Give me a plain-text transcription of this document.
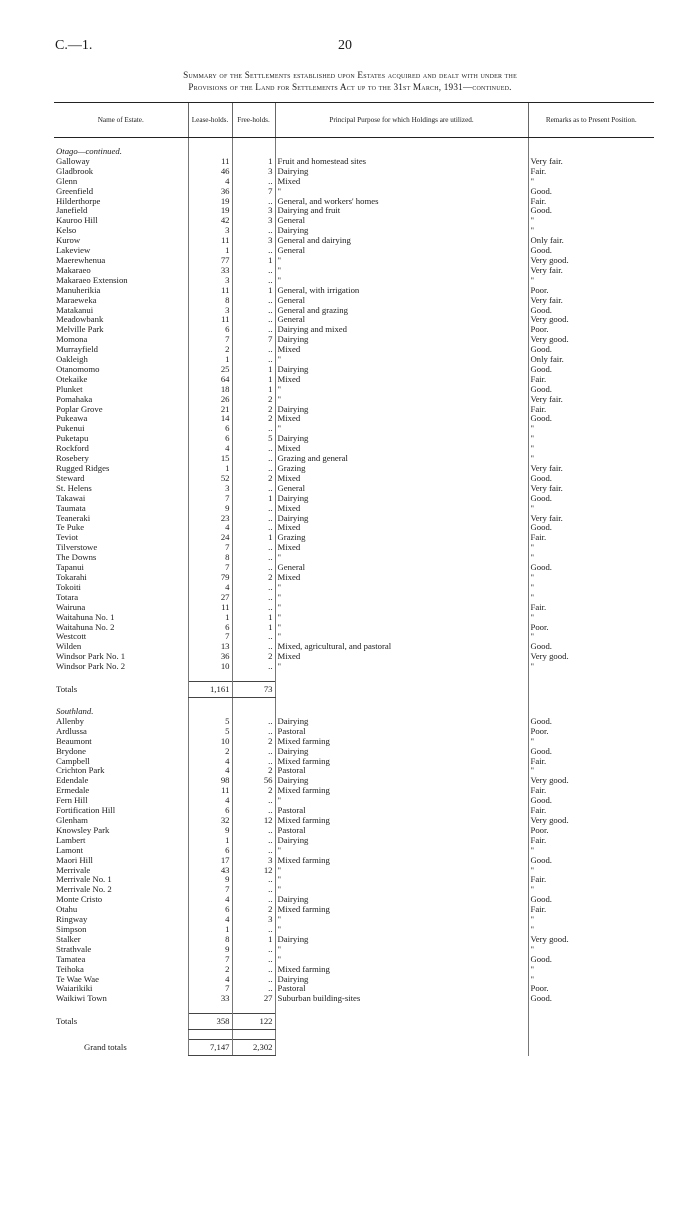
C.—1.	20
Summary of the Settlements established upon Estates acquired and dealt with under the
Provisions of the Land for Settlements Act up to the 31st March, 1931—continued.
Name of Estate.	Lease-holds.	Free-holds.	Principal Purpose for which Holdings are utilized.	Remarks as to Present Position.

Otago—continued.				
Galloway	11	1	Fruit and homestead sites	Very fair.
Gladbrook	46	3	Dairying	Fair.
Glenn	4	..	Mixed	"
Greenfield	36	7	"	Good.
Hilderthorpe	19	..	General, and workers' homes	Fair.
Janefield	19	3	Dairying and fruit	Good.
Kauroo Hill	42	3	General	"
Kelso	3	..	Dairying	"
Kurow	11	3	General and dairying	Only fair.
Lakeview	1	..	General	Good.
Maerewhenua	77	1	"	Very good.
Makaraeo	33	..	"	Very fair.
Makaraeo Extension	3	..	"	"
Manuherikia	11	1	General, with irrigation	Poor.
Maraeweka	8	..	General	Very fair.
Matakanui	3	..	General and grazing	Good.
Meadowbank	11	..	General	Very good.
Melville Park	6	..	Dairying and mixed	Poor.
Momona	7	7	Dairying	Very good.
Murrayfield	2	..	Mixed	Good.
Oakleigh	1	..	"	Only fair.
Otanomomo	25	1	Dairying	Good.
Otekaike	64	1	Mixed	Fair.
Plunket	18	1	"	Good.
Pomahaka	26	2	"	Very fair.
Poplar Grove	21	2	Dairying	Fair.
Pukeawa	14	2	Mixed	Good.
Pukenui	6	..	"	"
Puketapu	6	5	Dairying	"
Rockford	4	..	Mixed	"
Rosebery	15	..	Grazing and general	"
Rugged Ridges	1	..	Grazing	Very fair.
Steward	52	2	Mixed	Good.
St. Helens	3	..	General	Very fair.
Takawai	7	1	Dairying	Good.
Taumata	9	..	Mixed	"
Teaneraki	23	..	Dairying	Very fair.
Te Puke	4	..	Mixed	Good.
Teviot	24	1	Grazing	Fair.
Tilverstowe	7	..	Mixed	"
The Downs	8	..	"	"
Tapanui	7	..	General	Good.
Tokarahi	79	2	Mixed	"
Tokoiti	4	..	"	"
Totara	27	..	"	"
Wairuna	11	..	"	Fair.
Waitahuna No. 1	1	1	"	"
Waitahuna No. 2	6	1	"	Poor.
Westcott	7	..	"	"
Wilden	13	..	Mixed, agricultural, and pastoral	Good.
Windsor Park No. 1	36	2	Mixed	Very good.
Windsor Park No. 2	10	..	"	"

Totals	1,161	73		

Southland.				
Allenby	5	..	Dairying	Good.
Ardlussa	5	..	Pastoral	Poor.
Beaumont	10	2	Mixed farming	"
Brydone	2	..	Dairying	Good.
Campbell	4	..	Mixed farming	Fair.
Crichton Park	4	2	Pastoral	"
Edendale	98	56	Dairying	Very good.
Ermedale	11	2	Mixed farming	Fair.
Fern Hill	4	..	"	Good.
Fortification Hill	6	..	Pastoral	Fair.
Glenham	32	12	Mixed farming	Very good.
Knowsley Park	9	..	Pastoral	Poor.
Lambert	1	..	Dairying	Fair.
Lamont	6	..	"	"
Maori Hill	17	3	Mixed farming	Good.
Merrivale	43	12	"	"
Merrivale No. 1	9	..	"	Fair.
Merrivale No. 2	7	..	"	"
Monte Cristo	4	..	Dairying	Good.
Otahu	6	2	Mixed farming	Fair.
Ringway	4	3	"	"
Simpson	1	..	"	"
Stalker	8	1	Dairying	Very good.
Strathvale	9	..	"	"
Tamatea	7	..	"	Good.
Teihoka	2	..	Mixed farming	"
Te Wae Wae	4	..	Dairying	"
Waiarikiki	7	..	Pastoral	Poor.
Waikiwi Town	33	27	Suburban building-sites	Good.

Totals	358	122		

Grand totals	7,147	2,302		
